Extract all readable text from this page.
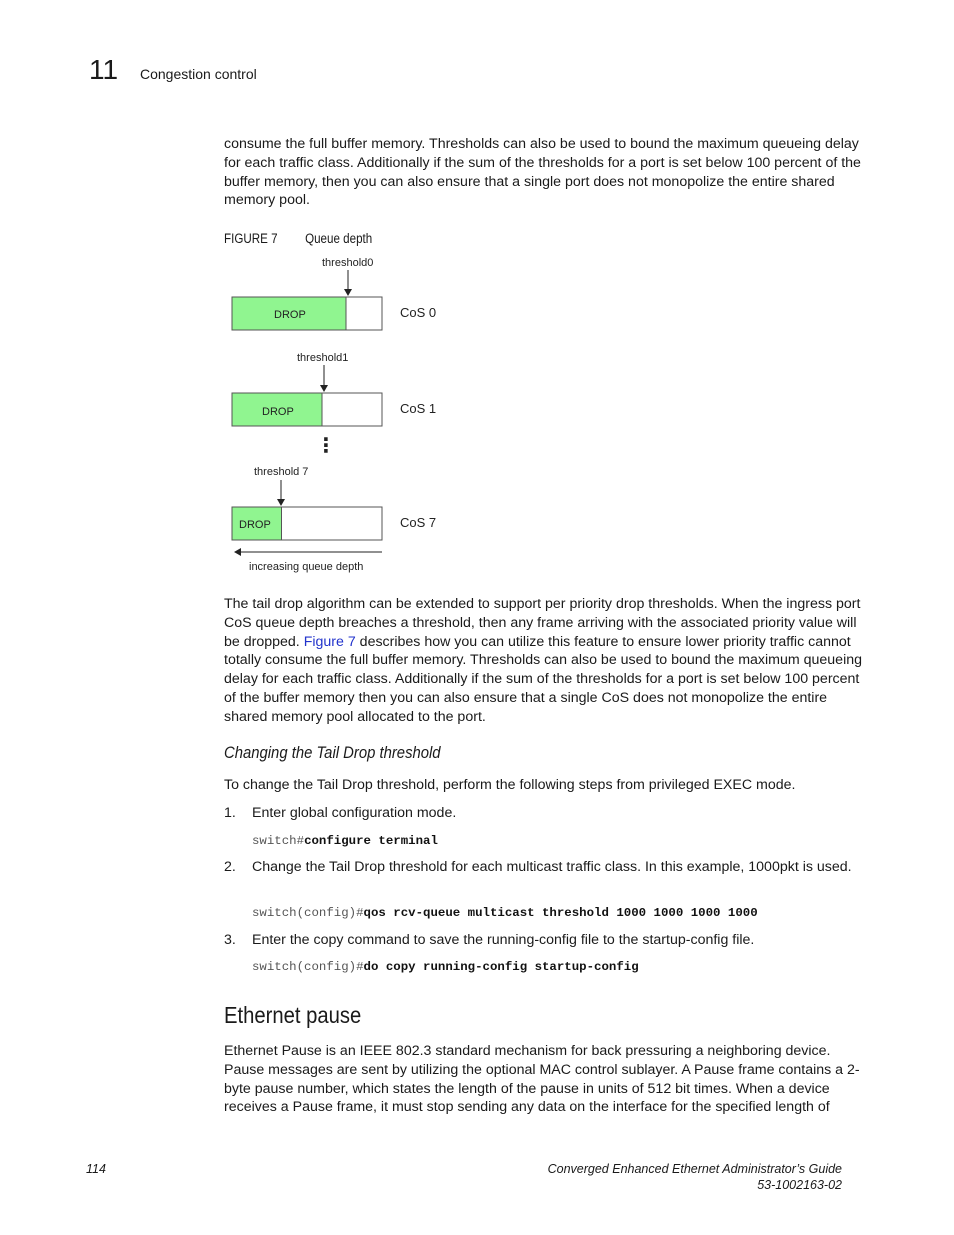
11 Congestion control

consume the full buffer memory. Thresholds can also be used to bound the maximum queueing delay for each traffic class. Additionally if the sum of the thresholds for a port is set below 100 percent of the buffer memory, then you can also ensure that a single port does not monopolize the entire shared memory pool.

FIGURE 7 Queue depth
threshold0
DROP	CoS 0
threshold1
DROP	CoS 1
⋮
threshold 7
DROP	CoS 7
increasing queue depth

The tail drop algorithm can be extended to support per priority drop thresholds. When the ingress port CoS queue depth breaches a threshold, then any frame arriving with the associated priority value will be dropped. Figure 7 describes how you can utilize this feature to ensure lower priority traffic cannot totally consume the full buffer memory. Thresholds can also be used to bound the maximum queueing delay for each traffic class. Additionally if the sum of the thresholds for a port is set below 100 percent of the buffer memory then you can also ensure that a single CoS does not monopolize the entire shared memory pool allocated to the port.

Changing the Tail Drop threshold

To change the Tail Drop threshold, perform the following steps from privileged EXEC mode.

1. Enter global configuration mode.
switch#configure terminal
2. Change the Tail Drop threshold for each multicast traffic class. In this example, 1000pkt is used.
switch(config)#qos rcv-queue multicast threshold 1000 1000 1000 1000
3. Enter the copy command to save the running-config file to the startup-config file.
switch(config)#do copy running-config startup-config
Ethernet pause

Ethernet Pause is an IEEE 802.3 standard mechanism for back pressuring a neighboring device. Pause messages are sent by utilizing the optional MAC control sublayer. A Pause frame contains a 2-byte pause number, which states the length of the pause in units of 512 bit times. When a device receives a Pause frame, it must stop sending any data on the interface for the specified length of

114	Converged Enhanced Ethernet Administrator’s Guide
53-1002163-02
